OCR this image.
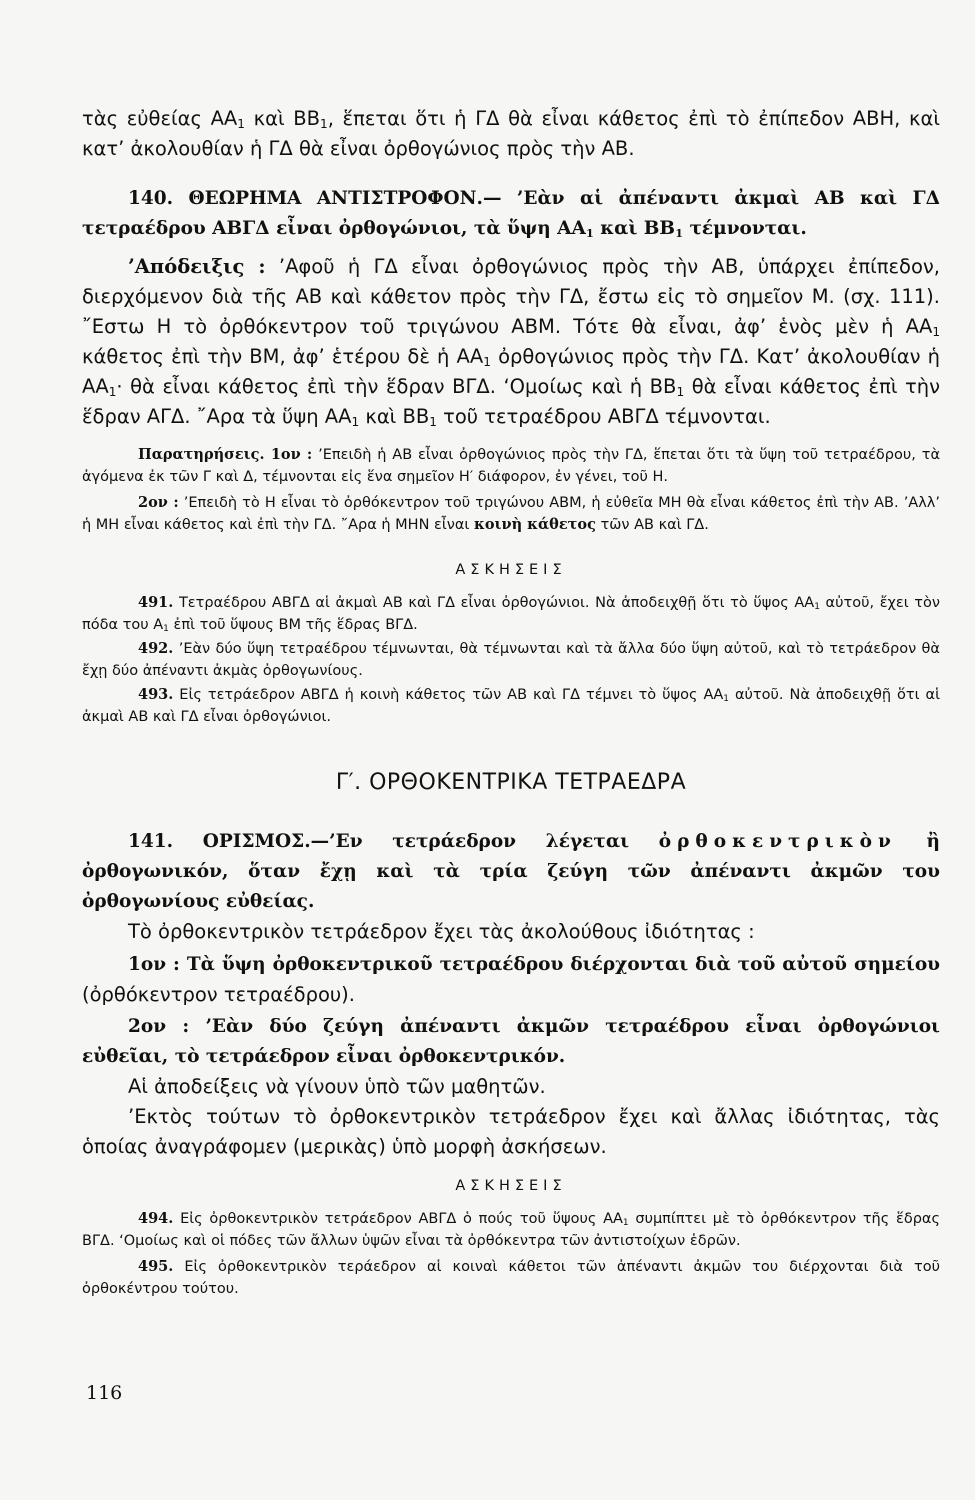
τὰς εὐθείας $AA_1$ καὶ $BB_1$, ἕπεται ὅτι ἡ ΓΔ θὰ εἶναι κάθετος ἐπὶ τὸ ἐπίπεδον ΑΒΗ, καὶ κατ’ ἀκολουθίαν ἡ ΓΔ θὰ εἶναι ὀρθογώνιος πρὸς τὴν ΑΒ.

140. ΘΕΩΡΗΜΑ ΑΝΤΙΣΤΡΟΦΟΝ.— ’Εὰν αἱ ἀπέναντι ἀκμαὶ ΑΒ καὶ ΓΔ τετραέδρου ΑΒΓΔ εἶναι ὀρθογώνιοι, τὰ ὕψη $AA_1$ καὶ $BB_1$ τέμνονται.

’Απόδειξις : ’Αφοῦ ἡ ΓΔ εἶναι ὀρθογώνιος πρὸς τὴν ΑΒ, ὑπάρχει ἐπίπεδον, διερχόμενον διὰ τῆς ΑΒ καὶ κάθετον πρὸς τὴν ΓΔ, ἔστω εἰς τὸ σημεῖον Μ. (σχ. 111). ῎Εστω Η τὸ ὀρθόκεντρον τοῦ τριγώνου ΑΒΜ. Τότε θὰ εἶναι, ἀφ’ ἑνὸς μὲν ἡ $AA_1$ κάθετος ἐπὶ τὴν ΒΜ, ἀφ’ ἑτέρου δὲ ἡ $AA_1$ ὀρθογώνιος πρὸς τὴν ΓΔ. Κατ’ ἀκολουθίαν ἡ $AA_1\cdot$ θὰ εἶναι κάθετος ἐπὶ τὴν ἕδραν ΒΓΔ. ‘Ομοίως καὶ ἡ $BB_1$ θὰ εἶναι κάθετος ἐπὶ τὴν ἕδραν ΑΓΔ. ῎Αρα τὰ ὕψη $AA_1$ καὶ $BB_1$ τοῦ τετραέδρου ΑΒΓΔ τέμνονται.

Παρατηρήσεις. 1ον : ’Επειδὴ ἡ ΑΒ εἶναι ὀρθογώνιος πρὸς τὴν ΓΔ, ἕπεται ὅτι τὰ ὕψη τοῦ τετραέδρου, τὰ ἀγόμενα ἐκ τῶν Γ καὶ Δ, τέμνονται εἰς ἕνα σημεῖον Η′ διάφορον, ἐν γένει, τοῦ Η.

2ον : ’Επειδὴ τὸ Η εἶναι τὸ ὀρθόκεντρον τοῦ τριγώνου ΑΒΜ, ἡ εὐθεῖα ΜΗ θὰ εἶναι κάθετος ἐπὶ τὴν ΑΒ. ’Αλλ’ ἡ ΜΗ εἶναι κάθετος καὶ ἐπὶ τὴν ΓΔ. ῎Αρα ἡ ΜΗΝ εἶναι κοινὴ κάθετος τῶν ΑΒ καὶ ΓΔ.

ΑΣΚΗΣΕΙΣ

491. Τετραέδρου ΑΒΓΔ αἱ ἀκμαὶ ΑΒ καὶ ΓΔ εἶναι ὀρθογώνιοι. Νὰ ἀποδειχθῇ ὅτι τὸ ὕψος $AA_1$ αὐτοῦ, ἔχει τὸν πόδα του $A_1$ ἐπὶ τοῦ ὕψους ΒΜ τῆς ἕδρας ΒΓΔ.

492. ’Εὰν δύο ὕψη τετραέδρου τέμνωνται, θὰ τέμνωνται καὶ τὰ ἄλλα δύο ὕψη αὐτοῦ, καὶ τὸ τετράεδρον θὰ ἔχῃ δύο ἀπέναντι ἀκμὰς ὀρθογωνίους.

493. Εἰς τετράεδρον ΑΒΓΔ ἡ κοινὴ κάθετος τῶν ΑΒ καὶ ΓΔ τέμνει τὸ ὕψος $AA_1$ αὐτοῦ. Νὰ ἀποδειχθῇ ὅτι αἱ ἀκμαὶ ΑΒ καὶ ΓΔ εἶναι ὀρθογώνιοι.

Γ′. ΟΡΘΟΚΕΝΤΡΙΚΑ ΤΕΤΡΑΕΔΡΑ

141. ΟΡΙΣΜΟΣ.—’Εν τετράεδρον λέγεται ὀρθοκεντρικὸν ἢ ὀρθογωνικόν, ὅταν ἔχῃ καὶ τὰ τρία ζεύγη τῶν ἀπέναντι ἀκμῶν του ὀρθογωνίους εὐθείας.

Τὸ ὀρθοκεντρικὸν τετράεδρον ἔχει τὰς ἀκολούθους ἰδιότητας :

1ον : Τὰ ὕψη ὀρθοκεντρικοῦ τετραέδρου διέρχονται διὰ τοῦ αὐτοῦ σημείου (ὀρθόκεντρον τετραέδρου).

2ον : ’Εὰν δύο ζεύγη ἀπέναντι ἀκμῶν τετραέδρου εἶναι ὀρθογώνιοι εὐθεῖαι, τὸ τετράεδρον εἶναι ὀρθοκεντρικόν.

Αἱ ἀποδείξεις νὰ γίνουν ὑπὸ τῶν μαθητῶν.

’Εκτὸς τούτων τὸ ὀρθοκεντρικὸν τετράεδρον ἔχει καὶ ἄλλας ἰδιότητας, τὰς ὁποίας ἀναγράφομεν (μερικὰς) ὑπὸ μορφὴ ἀσκήσεων.

ΑΣΚΗΣΕΙΣ

494. Εἰς ὀρθοκεντρικὸν τετράεδρον ΑΒΓΔ ὁ πούς τοῦ ὕψους $AA_1$ συμπίπτει μὲ τὸ ὀρθόκεντρον τῆς ἕδρας ΒΓΔ. ‘Ομοίως καὶ οἱ πόδες τῶν ἄλλων ὑψῶν εἶναι τὰ ὀρθόκεντρα τῶν ἀντιστοίχων ἑδρῶν.

495. Εἰς ὀρθοκεντρικὸν τεράεδρον αἱ κοιναὶ κάθετοι τῶν ἀπέναντι ἀκμῶν του διέρχονται διὰ τοῦ ὀρθοκέντρου τούτου.

116
